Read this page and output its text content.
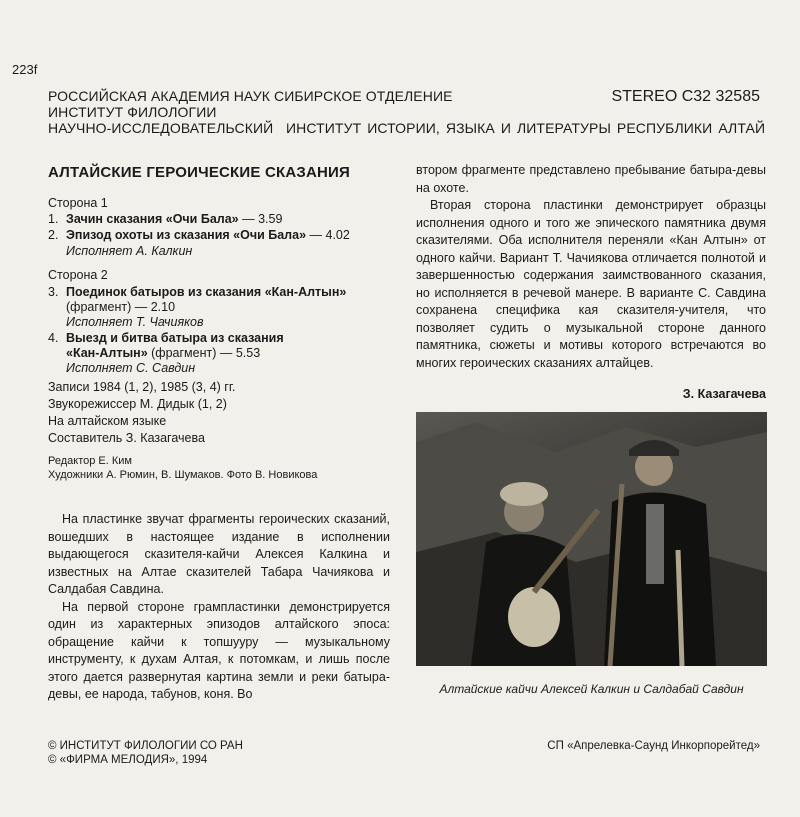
223f
РОССИЙСКАЯ АКАДЕМИЯ НАУК СИБИРСКОЕ ОТДЕЛЕНИЕ
ИНСТИТУТ ФИЛОЛОГИИ
НАУЧНО-ИССЛЕДОВАТЕЛЬСКИЙ ИНСТИТУТ ИСТОРИИ, ЯЗЫКА И ЛИТЕРАТУРЫ РЕСПУБЛИКИ АЛТАЙ
STEREO С32 32585
АЛТАЙСКИЕ ГЕРОИЧЕСКИЕ СКАЗАНИЯ
Сторона 1
1. Зачин сказания «Очи Бала» — 3.59
2. Эпизод охоты из сказания «Очи Бала» — 4.02
Исполняет А. Калкин
Сторона 2
3. Поединок батыров из сказания «Кан-Алтын»
(фрагмент) — 2.10
Исполняет Т. Чачияков
4. Выезд и битва батыра из сказания
«Кан-Алтын» (фрагмент) — 5.53
Исполняет С. Савдин
Записи 1984 (1, 2), 1985 (3, 4) гг.
Звукорежиссер М. Дидык (1, 2)
На алтайском языке
Составитель З. Казагачева
Редактор Е. Ким
Художники А. Рюмин, В. Шумаков. Фото В. Новикова

На пластинке звучат фрагменты героических сказаний, вошедших в настоящее издание в исполнении выдающегося сказителя-кайчи Алексея Калкина и известных на Алтае сказителей Табара Чачиякова и Салдабая Савдина.

На первой стороне грампластинки демонстрируется один из характерных эпизодов алтайского эпоса: обращение кайчи к топшууру — музыкальному инструменту, к духам Алтая, к потомкам, и лишь после этого дается развернутая картина земли и реки батыра-девы, ее народа, табунов, коня. Во

втором фрагменте представлено пребывание батыра-девы на охоте.

Вторая сторона пластинки демонстрирует образцы исполнения одного и того же эпического памятника двумя сказителями. Оба исполнителя переняли «Кан Алтын» от одного кайчи. Вариант Т. Чачиякова отличается полнотой и завершенностью содержания заимствованного сказания, но исполняется в речевой манере. В варианте С. Савдина сохранена специфика кая сказителя-учителя, что позволяет судить о музыкальной стороне данного памятника, сюжеты и мотивы которого встречаются во многих героических сказаниях алтайцев.

З. Казагачева
Алтайские кайчи Алексей Калкин и Салдабай Савдин
© ИНСТИТУТ ФИЛОЛОГИИ СО РАН
© «ФИРМА МЕЛОДИЯ», 1994
СП «Апрелевка-Саунд Инкорпорейтед»
